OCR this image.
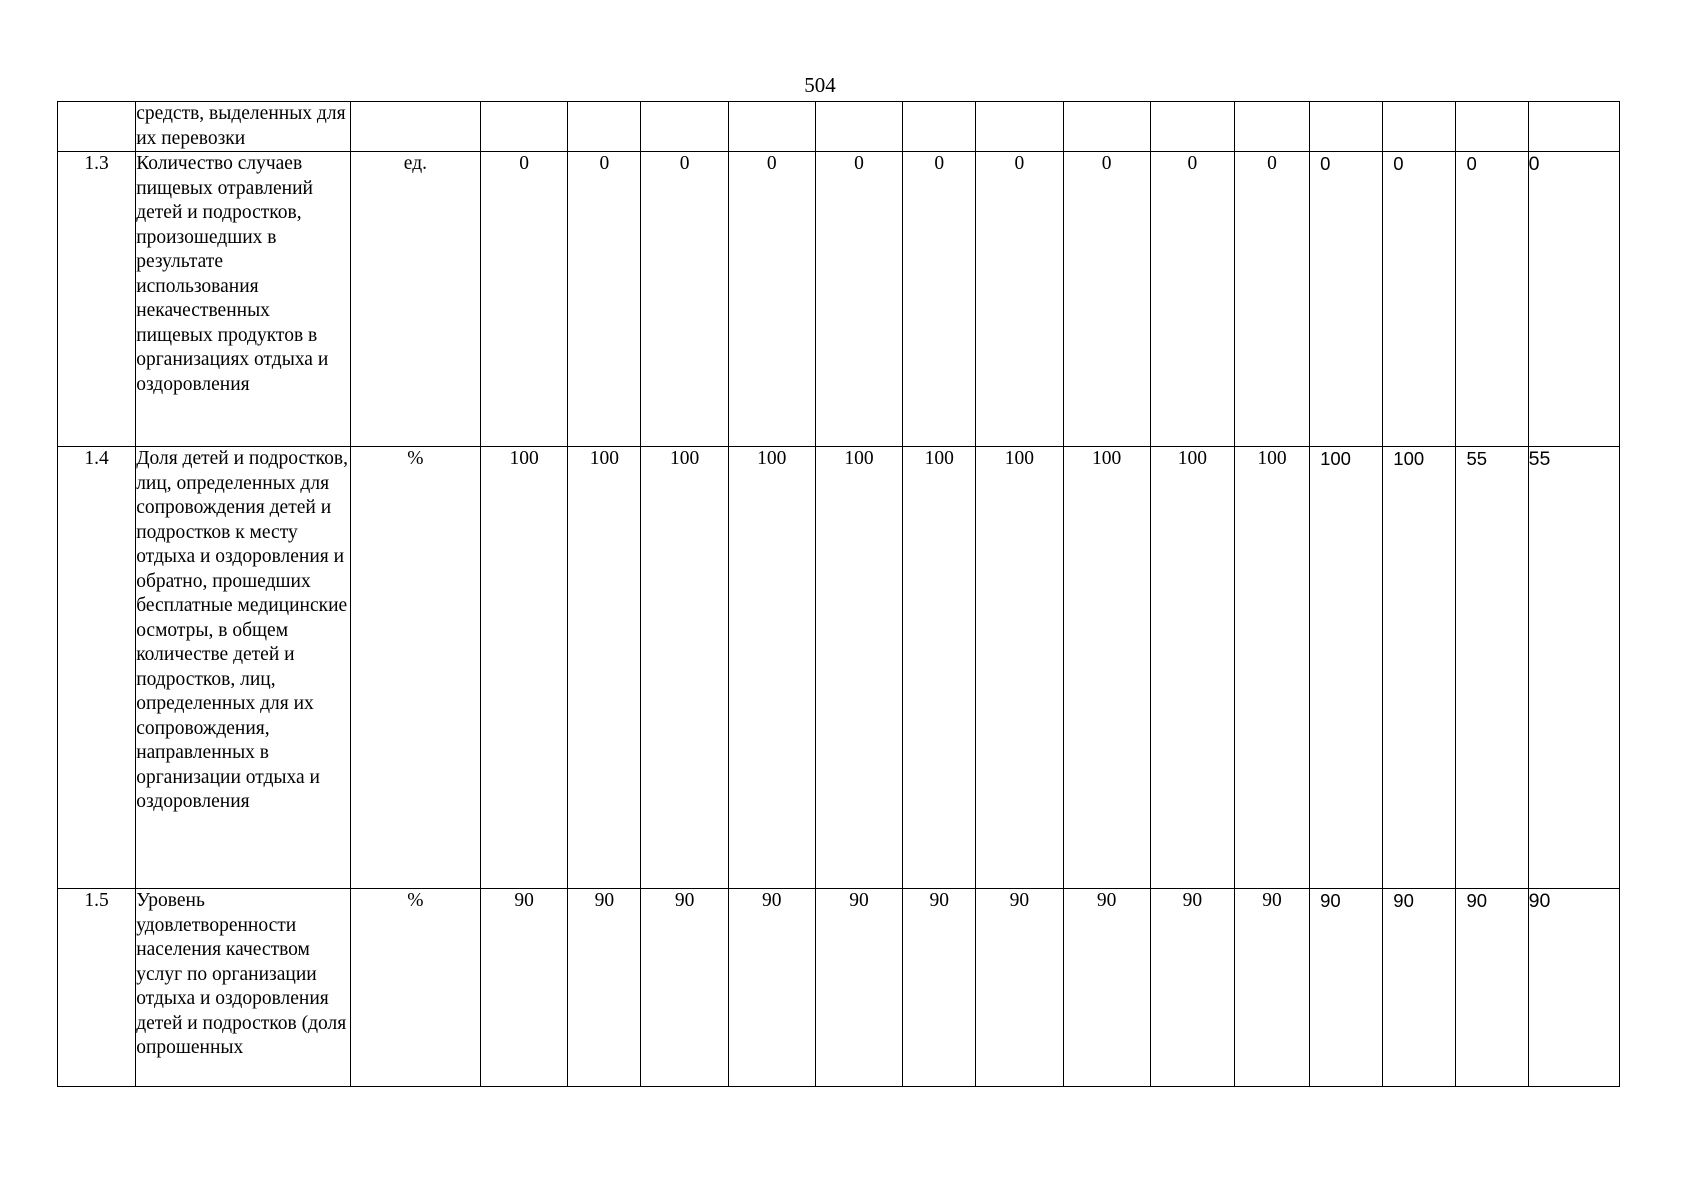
504
	средств, выделенных для их перевозки															
1.3	Количество случаев пищевых отравлений детей и подростков, произошедших в результате использования некачественных пищевых продуктов в организациях отдыха и оздоровления	ед.	0	0	0	0	0	0	0	0	0	0	0	0	0	0
1.4	Доля детей и подростков, лиц, определенных для сопровождения детей и подростков к месту отдыха и оздоровления и обратно, прошедших бесплатные медицинские осмотры, в общем количестве детей и подростков, лиц, определенных для их сопровождения, направленных в организации отдыха и оздоровления	%	100	100	100	100	100	100	100	100	100	100	100	100	55	55
1.5	Уровень удовлетворенности населения качеством услуг по организации отдыха и оздоровления детей и подростков (доля опрошенных	%	90	90	90	90	90	90	90	90	90	90	90	90	90	90
